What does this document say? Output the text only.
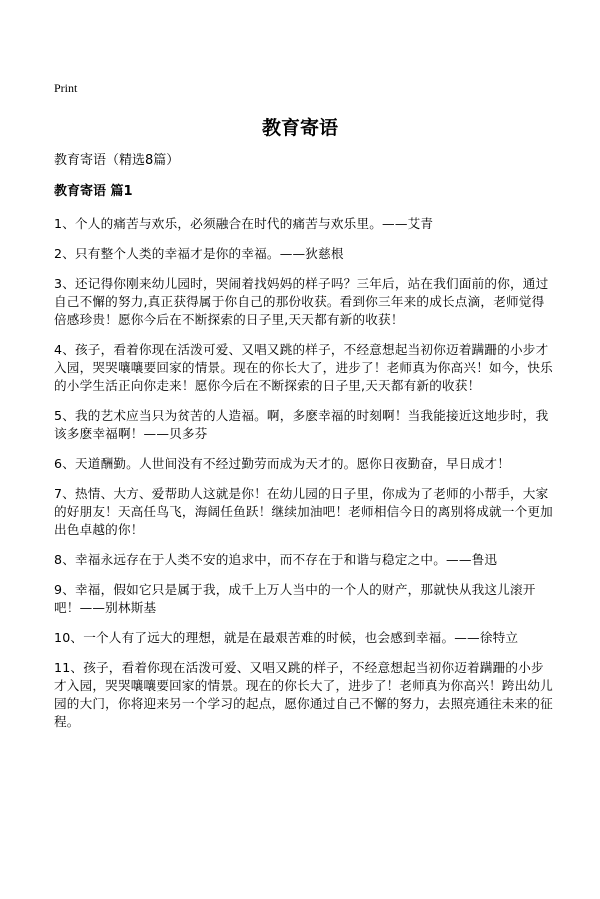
Print
教育寄语
教育寄语（精选8篇）
教育寄语 篇1
1、个人的痛苦与欢乐，必须融合在时代的痛苦与欢乐里。——艾青
2、只有整个人类的幸福才是你的幸福。——狄慈根
3、还记得你刚来幼儿园时，哭闹着找妈妈的样子吗？三年后，站在我们面前的你，通过自己不懈的努力,真正获得属于你自己的那份收获。看到你三年来的成长点滴，老师觉得倍感珍贵！愿你今后在不断探索的日子里,天天都有新的收获！
4、孩子，看着你现在活泼可爱、又唱又跳的样子，不经意想起当初你迈着蹒跚的小步才入园，哭哭嚷嚷要回家的情景。现在的你长大了，进步了！老师真为你高兴！如今，快乐的小学生活正向你走来！愿你今后在不断探索的日子里,天天都有新的收获！
5、我的艺术应当只为贫苦的人造福。啊，多麽幸福的时刻啊！当我能接近这地步时，我该多麽幸福啊！——贝多芬
6、天道酬勤。人世间没有不经过勤劳而成为天才的。愿你日夜勤奋，早日成才！
7、热情、大方、爱帮助人这就是你！在幼儿园的日子里，你成为了老师的小帮手，大家的好朋友！天高任鸟飞，海阔任鱼跃！继续加油吧！老师相信今日的离别将成就一个更加出色卓越的你！
8、幸福永远存在于人类不安的追求中，而不存在于和谐与稳定之中。——鲁迅
9、幸福，假如它只是属于我，成千上万人当中的一个人的财产，那就快从我这儿滚开吧！——别林斯基
10、一个人有了远大的理想，就是在最艰苦难的时候，也会感到幸福。——徐特立
11、孩子，看着你现在活泼可爱、又唱又跳的样子，不经意想起当初你迈着蹒跚的小步才入园，哭哭嚷嚷要回家的情景。现在的你长大了，进步了！老师真为你高兴！跨出幼儿园的大门，你将迎来另一个学习的起点，愿你通过自己不懈的努力，去照亮通往未来的征程。
